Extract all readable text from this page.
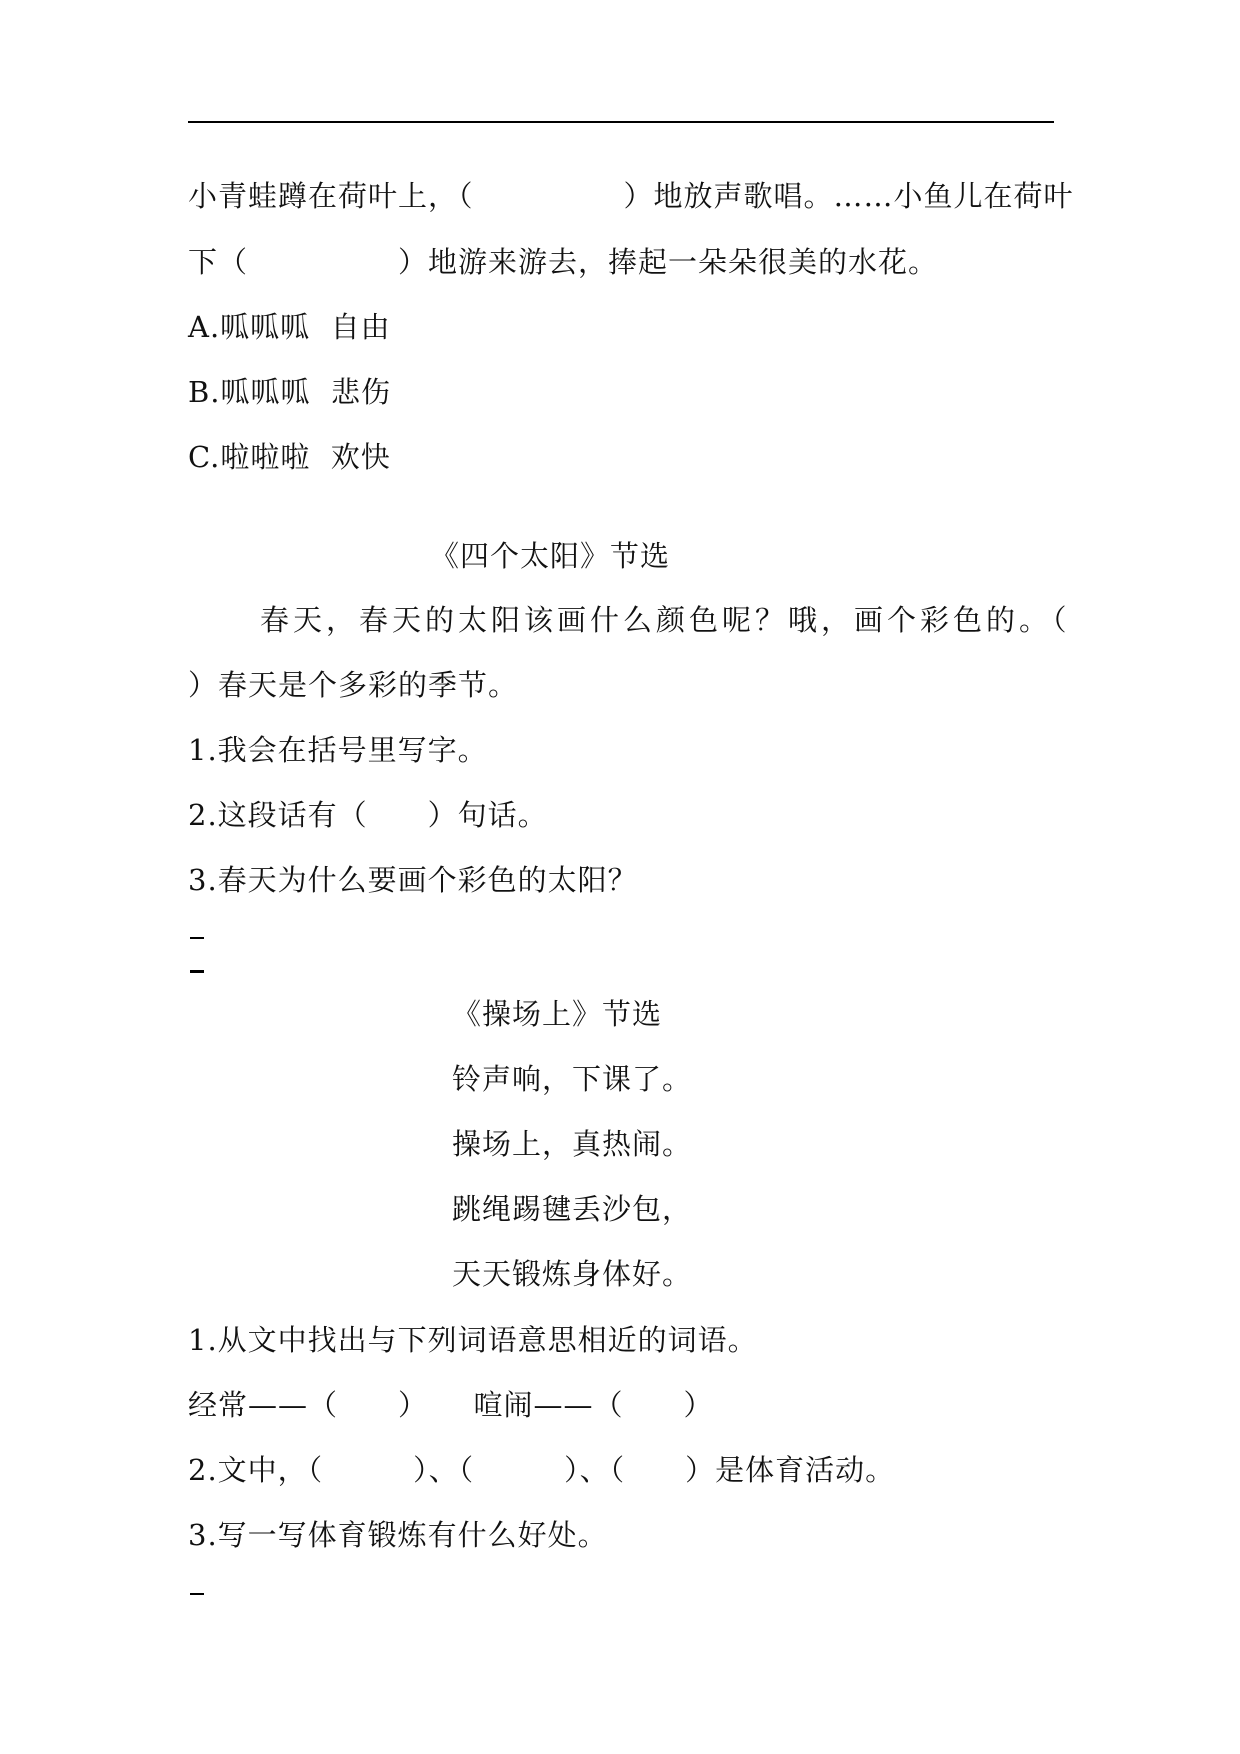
小青蛙蹲在荷叶上，（　　　　　）地放声歌唱。……小鱼儿在荷叶
下（　　　　　）地游来游去，捧起一朵朵很美的水花。
A.呱呱呱  自由
B.呱呱呱  悲伤
C.啦啦啦  欢快
《四个太阳》节选
春天，春天的太阳该画什么颜色呢？哦，画个彩色的。（
）春天是个多彩的季节。
1.我会在括号里写字。
2.这段话有（　　）句话。
3.春天为什么要画个彩色的太阳？
《操场上》节选
铃声响，下课了。
操场上，真热闹。
跳绳踢毽丢沙包，
天天锻炼身体好。
1.从文中找出与下列词语意思相近的词语。
经常——（　　）　　喧闹——（　　）
2.文中，（　　　）、（　　　）、（　　）是体育活动。
3.写一写体育锻炼有什么好处。
